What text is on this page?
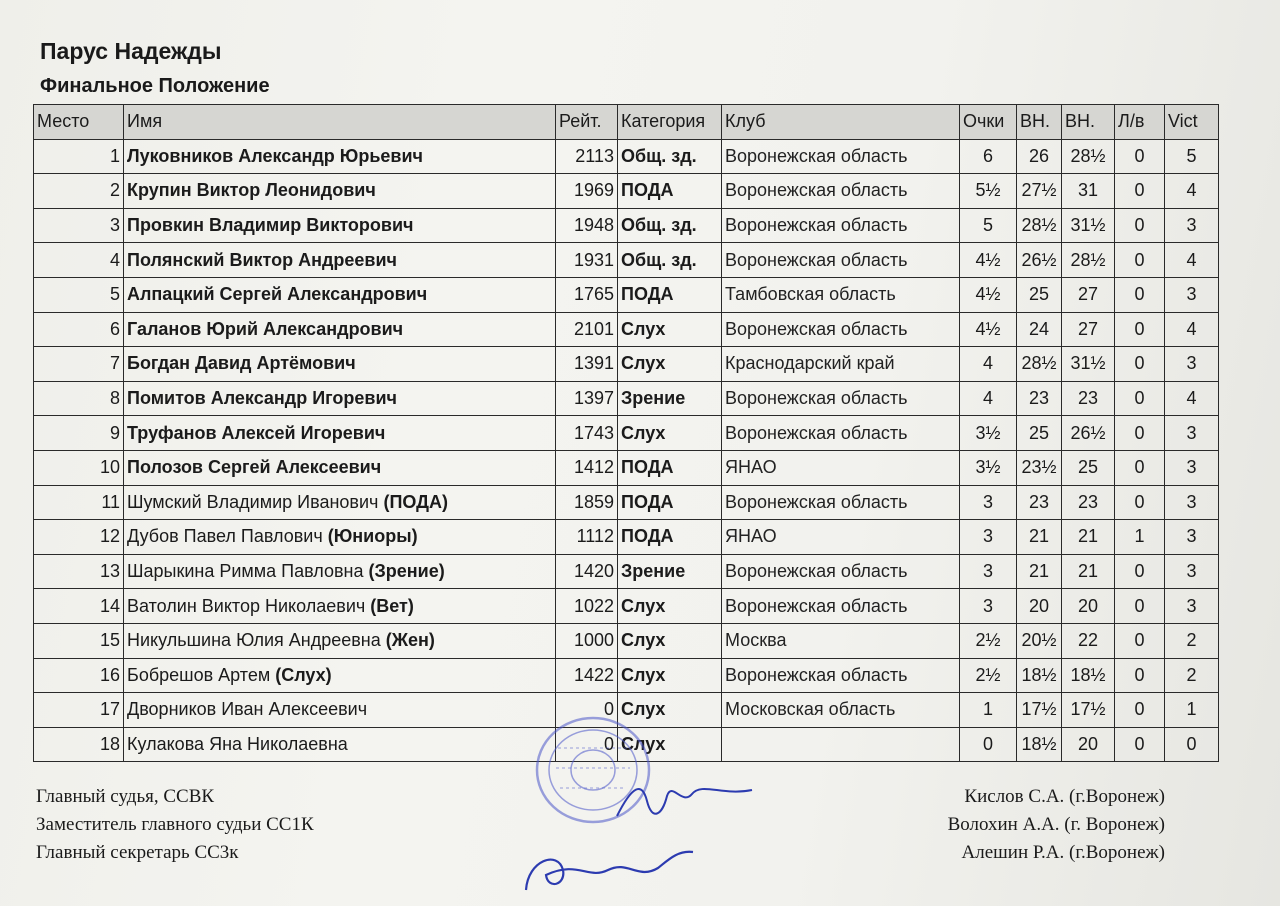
Парус Надежды
Финальное Положение
Место	Имя	Рейт.	Категория	Клуб	Очки	ВН.	ВН.	Л/в	Vict
1	Луковников Александр Юрьевич	2113	Общ. зд.	Воронежская область	6	26	28½	0	5
2	Крупин Виктор Леонидович	1969	ПОДА	Воронежская область	5½	27½	31	0	4
3	Провкин Владимир Викторович	1948	Общ. зд.	Воронежская область	5	28½	31½	0	3
4	Полянский Виктор Андреевич	1931	Общ. зд.	Воронежская область	4½	26½	28½	0	4
5	Алпацкий Сергей Александрович	1765	ПОДА	Тамбовская область	4½	25	27	0	3
6	Галанов Юрий Александрович	2101	Слух	Воронежская область	4½	24	27	0	4
7	Богдан Давид Артёмович	1391	Слух	Краснодарский край	4	28½	31½	0	3
8	Помитов Александр Игоревич	1397	Зрение	Воронежская область	4	23	23	0	4
9	Труфанов Алексей Игоревич	1743	Слух	Воронежская область	3½	25	26½	0	3
10	Полозов Сергей Алексеевич	1412	ПОДА	ЯНАО	3½	23½	25	0	3
11	Шумский Владимир Иванович (ПОДА)	1859	ПОДА	Воронежская область	3	23	23	0	3
12	Дубов Павел Павлович (Юниоры)	1112	ПОДА	ЯНАО	3	21	21	1	3
13	Шарыкина Римма Павловна (Зрение)	1420	Зрение	Воронежская область	3	21	21	0	3
14	Ватолин Виктор Николаевич (Вет)	1022	Слух	Воронежская область	3	20	20	0	3
15	Никульшина Юлия Андреевна (Жен)	1000	Слух	Москва	2½	20½	22	0	2
16	Бобрешов Артем (Слух)	1422	Слух	Воронежская область	2½	18½	18½	0	2
17	Дворников Иван Алексеевич	0	Слух	Московская область	1	17½	17½	0	1
18	Кулакова Яна Николаевна	0	Слух		0	18½	20	0	0
Главный судья, ССВК	Кислов С.А. (г.Воронеж)
Заместитель главного судьи СС1К	Волохин А.А. (г. Воронеж)
Главный секретарь СС3к	Алешин Р.А. (г.Воронеж)
